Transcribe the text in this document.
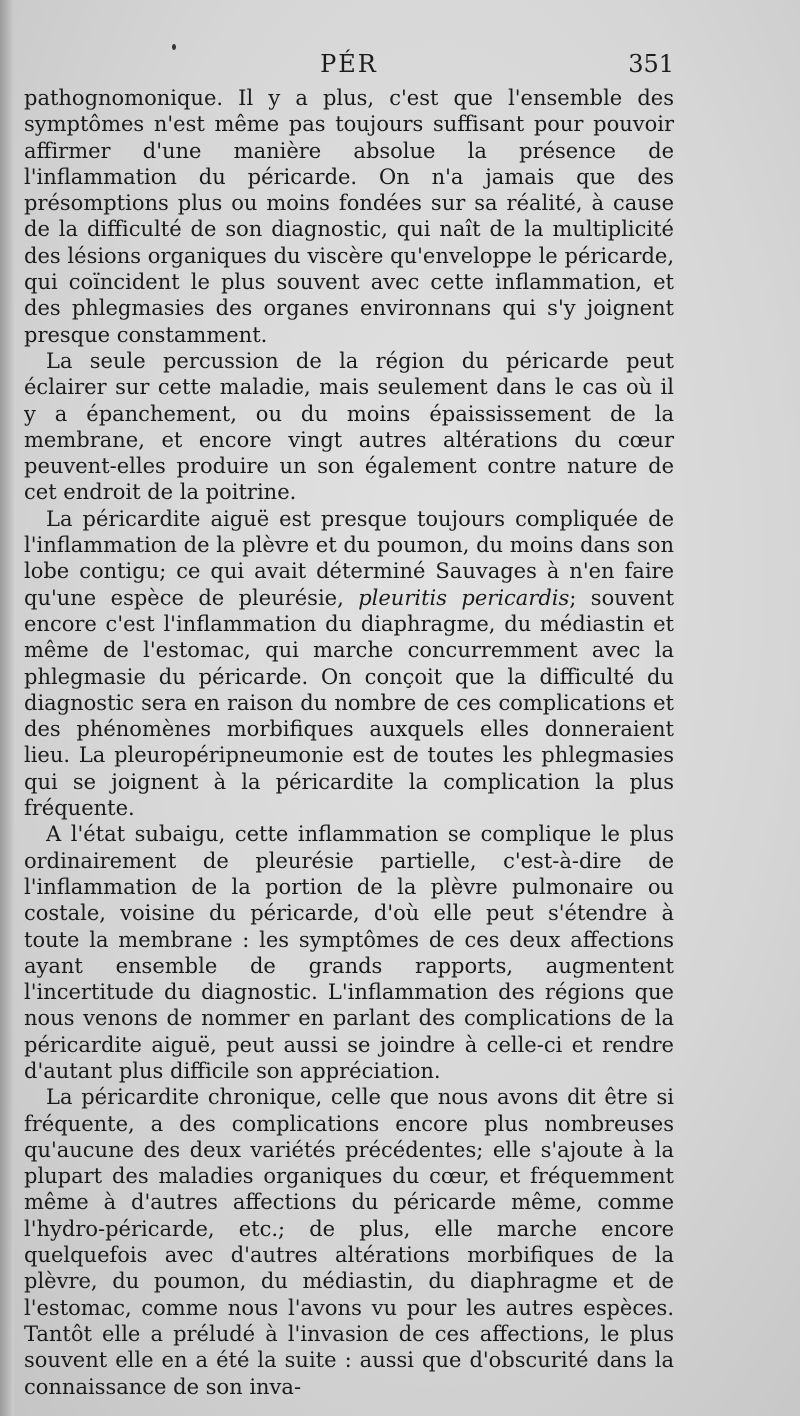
PÉR	351

pathognomonique. Il y a plus, c'est que l'ensemble des symptômes n'est même pas toujours suffisant pour pouvoir affirmer d'une manière absolue la présence de l'inflammation du péricarde. On n'a jamais que des présomptions plus ou moins fondées sur sa réalité, à cause de la difficulté de son diagnostic, qui naît de la multiplicité des lésions organiques du viscère qu'enveloppe le péricarde, qui coïncident le plus souvent avec cette inflammation, et des phlegmasies des organes environnans qui s'y joignent presque constamment.

La seule percussion de la région du péricarde peut éclairer sur cette maladie, mais seulement dans le cas où il y a épanchement, ou du moins épaississement de la membrane, et encore vingt autres altérations du cœur peuvent-elles produire un son également contre nature de cet endroit de la poitrine.

La péricardite aiguë est presque toujours compliquée de l'inflammation de la plèvre et du poumon, du moins dans son lobe contigu; ce qui avait déterminé Sauvages à n'en faire qu'une espèce de pleurésie, pleuritis pericardis; souvent encore c'est l'inflammation du diaphragme, du médiastin et même de l'estomac, qui marche concurremment avec la phlegmasie du péricarde. On conçoit que la difficulté du diagnostic sera en raison du nombre de ces complications et des phénomènes morbifiques auxquels elles donneraient lieu. La pleuropéripneumonie est de toutes les phlegmasies qui se joignent à la péricardite la complication la plus fréquente.

A l'état subaigu, cette inflammation se complique le plus ordinairement de pleurésie partielle, c'est-à-dire de l'inflammation de la portion de la plèvre pulmonaire ou costale, voisine du péricarde, d'où elle peut s'étendre à toute la membrane : les symptômes de ces deux affections ayant ensemble de grands rapports, augmentent l'incertitude du diagnostic. L'inflammation des régions que nous venons de nommer en parlant des complications de la péricardite aiguë, peut aussi se joindre à celle-ci et rendre d'autant plus difficile son appréciation.

La péricardite chronique, celle que nous avons dit être si fréquente, a des complications encore plus nombreuses qu'aucune des deux variétés précédentes; elle s'ajoute à la plupart des maladies organiques du cœur, et fréquemment même à d'autres affections du péricarde même, comme l'hydro-péricarde, etc.; de plus, elle marche encore quelquefois avec d'autres altérations morbifiques de la plèvre, du poumon, du médiastin, du diaphragme et de l'estomac, comme nous l'avons vu pour les autres espèces. Tantôt elle a préludé à l'invasion de ces affections, le plus souvent elle en a été la suite : aussi que d'obscurité dans la connaissance de son inva-
